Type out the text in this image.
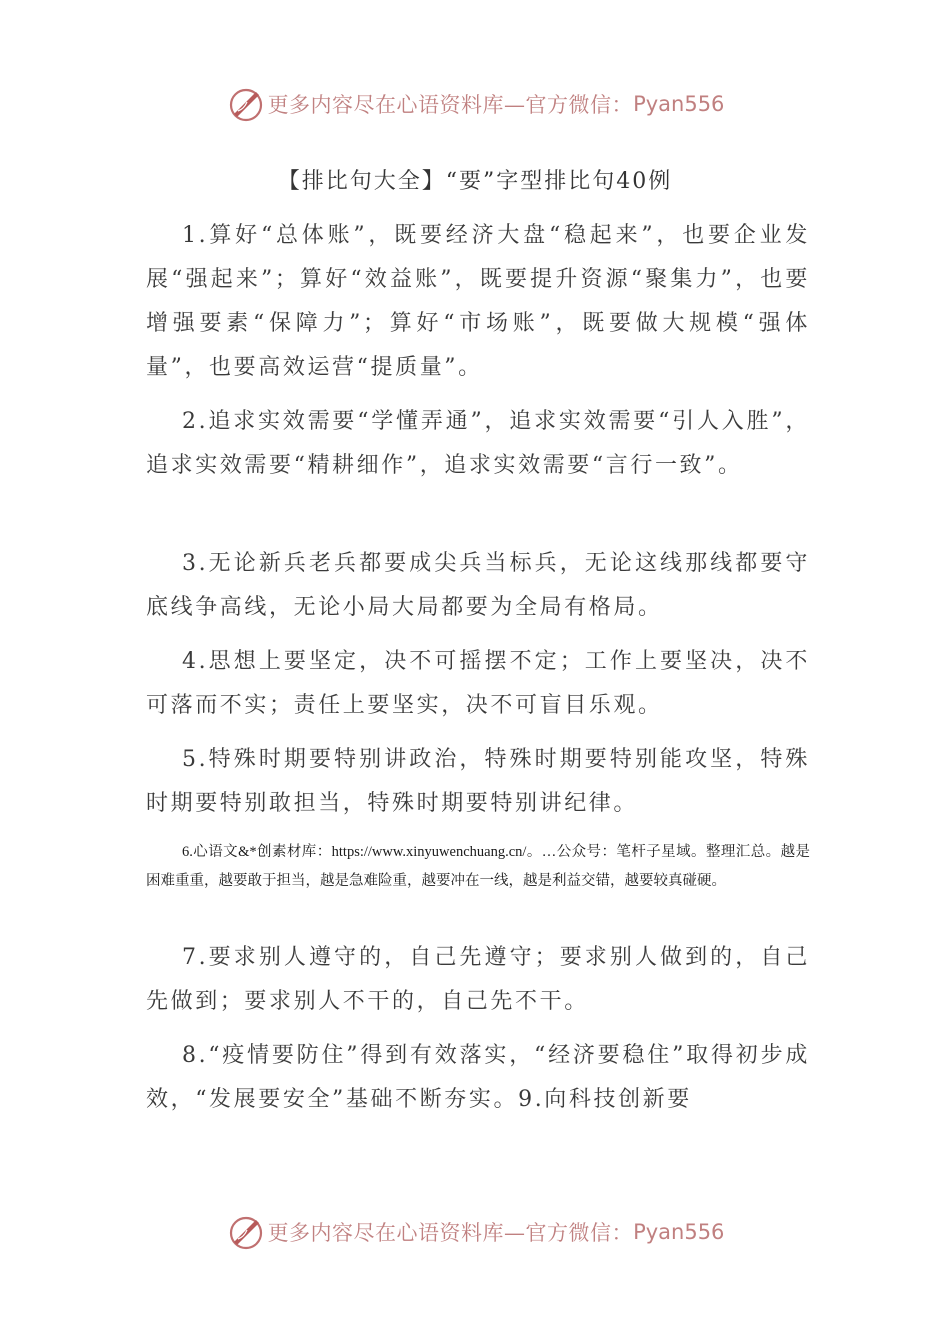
更多内容尽在心语资料库—官方微信： Pyan556
【排比句大全】“要”字型排比句40例

1.算好“总体账”，既要经济大盘“稳起来”，也要企业发展“强起来”；算好“效益账”，既要提升资源“聚集力”，也要增强要素“保障力”；算好“市场账”，既要做大规模“强体量”，也要高效运营“提质量”。

2.追求实效需要“学懂弄通”，追求实效需要“引人入胜”，追求实效需要“精耕细作”，追求实效需要“言行一致”。

3.无论新兵老兵都要成尖兵当标兵，无论这线那线都要守底线争高线，无论小局大局都要为全局有格局。

4.思想上要坚定，决不可摇摆不定；工作上要坚决，决不可落而不实；责任上要坚实，决不可盲目乐观。

5.特殊时期要特别讲政治，特殊时期要特别能攻坚，特殊时期要特别敢担当，特殊时期要特别讲纪律。

6.心语文&*创素材库：https://www.xinyuwenchuang.cn/。…公众号：笔杆子星域。整理汇总。越是困难重重，越要敢于担当，越是急难险重，越要冲在一线，越是利益交错，越要较真碰硬。

7.要求别人遵守的，自己先遵守；要求别人做到的，自己先做到；要求别人不干的，自己先不干。

8.“疫情要防住”得到有效落实，“经济要稳住”取得初步成效，“发展要安全”基础不断夯实。9.向科技创新要

更多内容尽在心语资料库—官方微信： Pyan556
